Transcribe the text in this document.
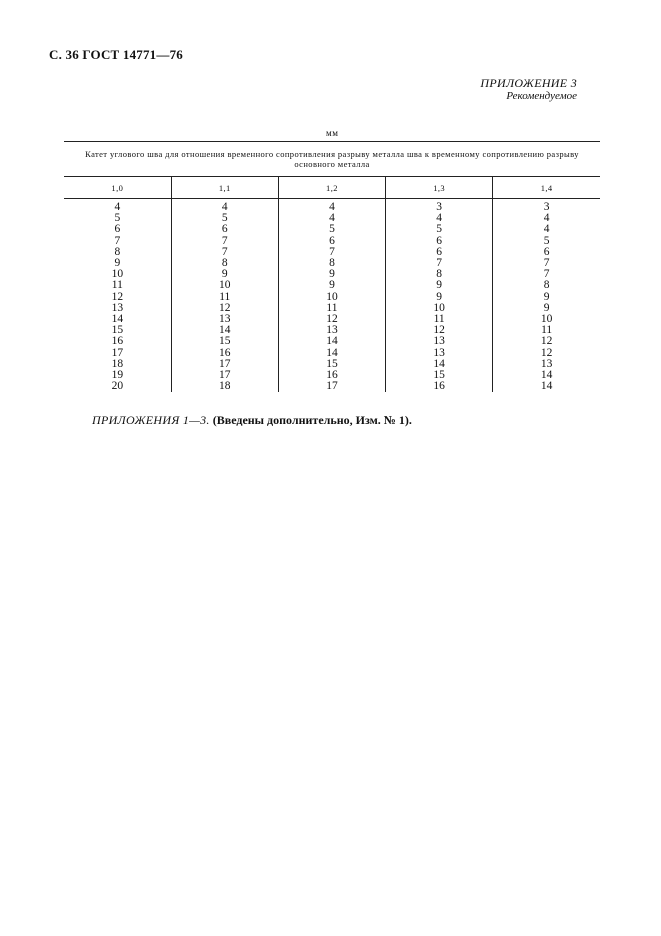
С. 36 ГОСТ 14771—76
ПРИЛОЖЕНИЕ 3
Рекомендуемое
мм
Катет углового шва для отношения временного сопротивления разрыву металла шва к временному сопротивлению разрыву основного металла				
1,0	1,1	1,2	1,3	1,4
4	4	4	3	3
5	5	4	4	4
6	6	5	5	4
7	7	6	6	5
8	7	7	6	6
9	8	8	7	7
10	9	9	8	7
11	10	9	9	8
12	11	10	9	9
13	12	11	10	9
14	13	12	11	10
15	14	13	12	11
16	15	14	13	12
17	16	14	13	12
18	17	15	14	13
19	17	16	15	14
20	18	17	16	14
ПРИЛОЖЕНИЯ 1—3. (Введены дополнительно, Изм. № 1).
